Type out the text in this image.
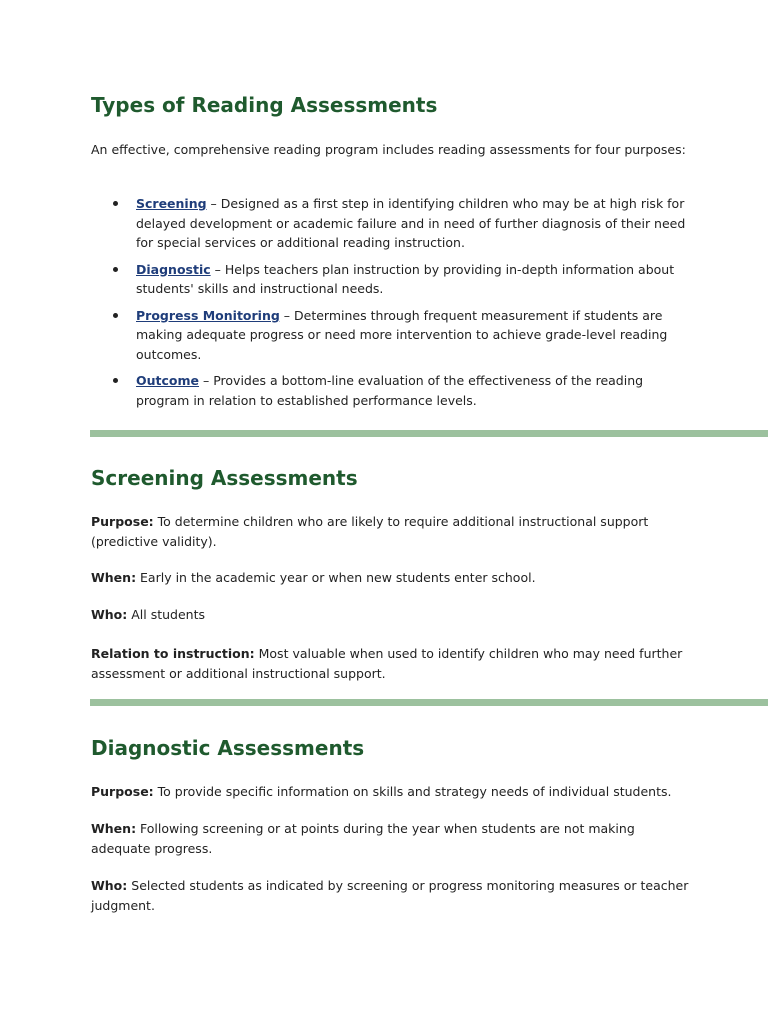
Types of Reading Assessments

An effective, comprehensive reading program includes reading assessments for four purposes:

Screening – Designed as a first step in identifying children who may be at high risk for delayed development or academic failure and in need of further diagnosis of their need for special services or additional reading instruction.
Diagnostic – Helps teachers plan instruction by providing in-depth information about students' skills and instructional needs.
Progress Monitoring – Determines through frequent measurement if students are making adequate progress or need more intervention to achieve grade-level reading outcomes.
Outcome – Provides a bottom-line evaluation of the effectiveness of the reading program in relation to established performance levels.
Screening Assessments

Purpose: To determine children who are likely to require additional instructional support (predictive validity).

When: Early in the academic year or when new students enter school.

Who: All students

Relation to instruction: Most valuable when used to identify children who may need further assessment or additional instructional support.

Diagnostic Assessments

Purpose: To provide specific information on skills and strategy needs of individual students.

When: Following screening or at points during the year when students are not making adequate progress.

Who: Selected students as indicated by screening or progress monitoring measures or teacher judgment.
